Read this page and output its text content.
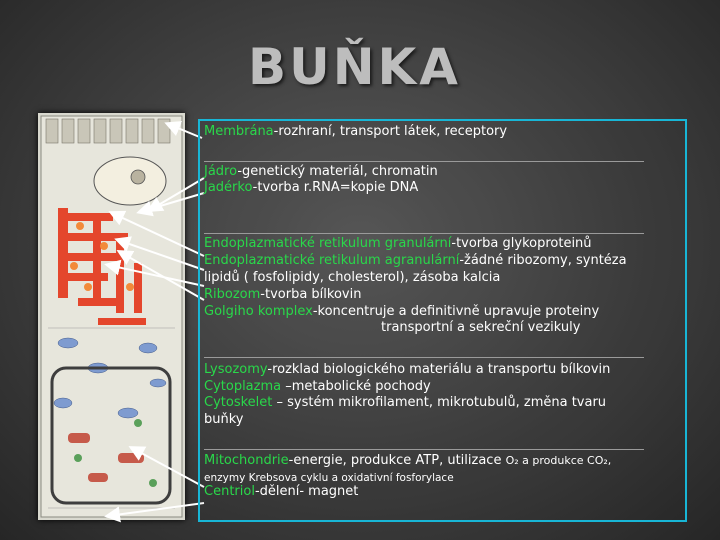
BUŇKA
Membrána-rozhraní, transport látek, receptory
Jádro-genetický materiál, chromatin
Jadérko-tvorba r.RNA=kopie DNA
Endoplazmatické retikulum granulární-tvorba glykoproteinů
Endoplazmatické retikulum agranulární-žádné ribozomy, syntéza
lipidů ( fosfolipidy, cholesterol), zásoba kalcia
Ribozom-tvorba bílkovin
Golgiho komplex-koncentruje a definitivně upravuje proteiny
transportní a sekreční vezikuly
Lysozomy-rozklad biologického materiálu a transportu bílkovin
Cytoplazma –metabolické pochody
Cytoskelet – systém mikrofilament, mikrotubulů, změna tvaru
buňky
Mitochondrie-energie, produkce ATP, utilizace O₂ a produkce CO₂,
enzymy Krebsova cyklu a oxidativní fosforylace
Centriol-dělení- magnet
